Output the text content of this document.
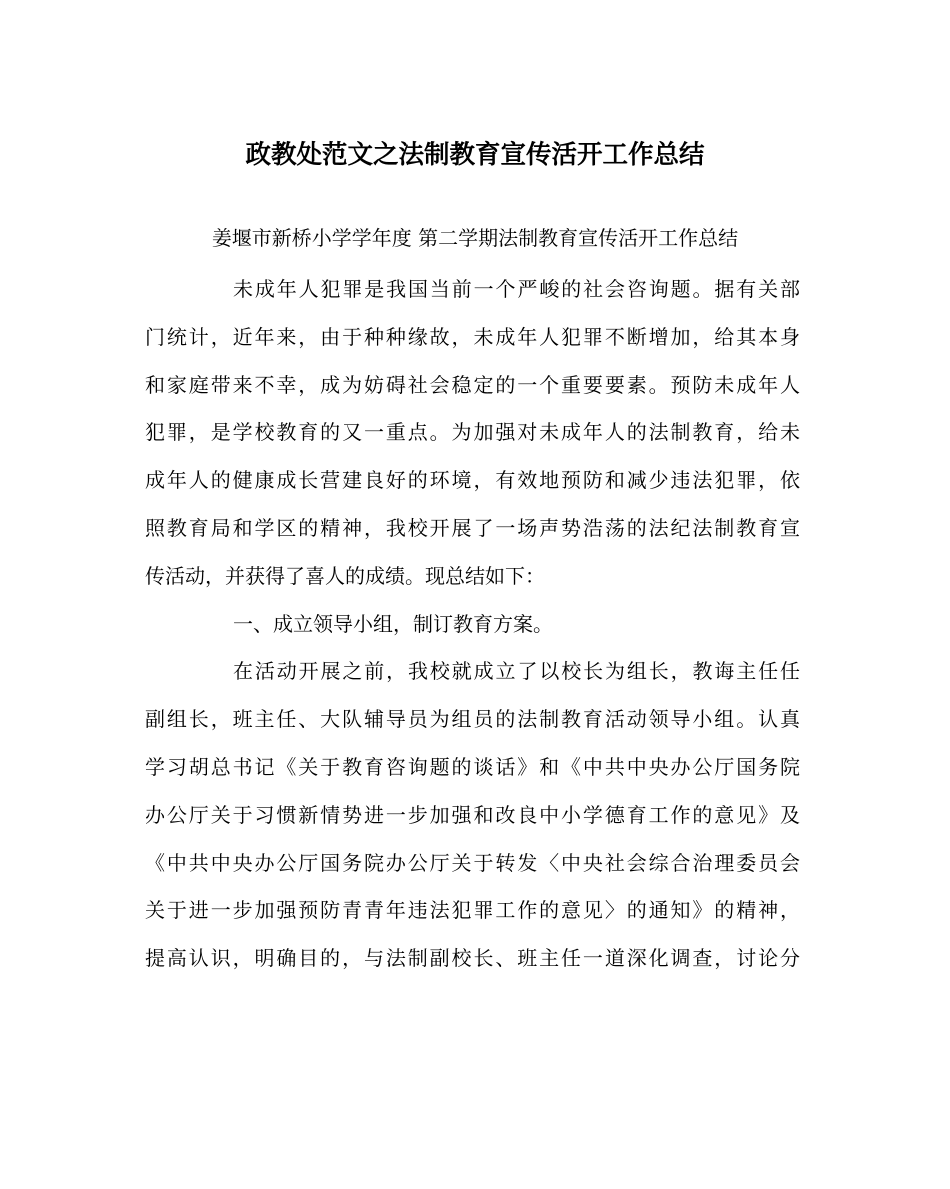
政教处范文之法制教育宣传活开工作总结
姜堰市新桥小学学年度 第二学期法制教育宣传活开工作总结
未成年人犯罪是我国当前一个严峻的社会咨询题。据有关部
门统计，近年来，由于种种缘故，未成年人犯罪不断增加，给其本身
和家庭带来不幸，成为妨碍社会稳定的一个重要要素。预防未成年人
犯罪，是学校教育的又一重点。为加强对未成年人的法制教育，给未
成年人的健康成长营建良好的环境，有效地预防和减少违法犯罪，依
照教育局和学区的精神，我校开展了一场声势浩荡的法纪法制教育宣
传活动，并获得了喜人的成绩。现总结如下：
一、成立领导小组，制订教育方案。
在活动开展之前，我校就成立了以校长为组长，教诲主任任
副组长，班主任、大队辅导员为组员的法制教育活动领导小组。认真
学习胡总书记《关于教育咨询题的谈话》和《中共中央办公厅国务院
办公厅关于习惯新情势进一步加强和改良中小学德育工作的意见》及
《中共中央办公厅国务院办公厅关于转发〈中央社会综合治理委员会
关于进一步加强预防青青年违法犯罪工作的意见〉的通知》的精神，
提高认识，明确目的，与法制副校长、班主任一道深化调查，讨论分
